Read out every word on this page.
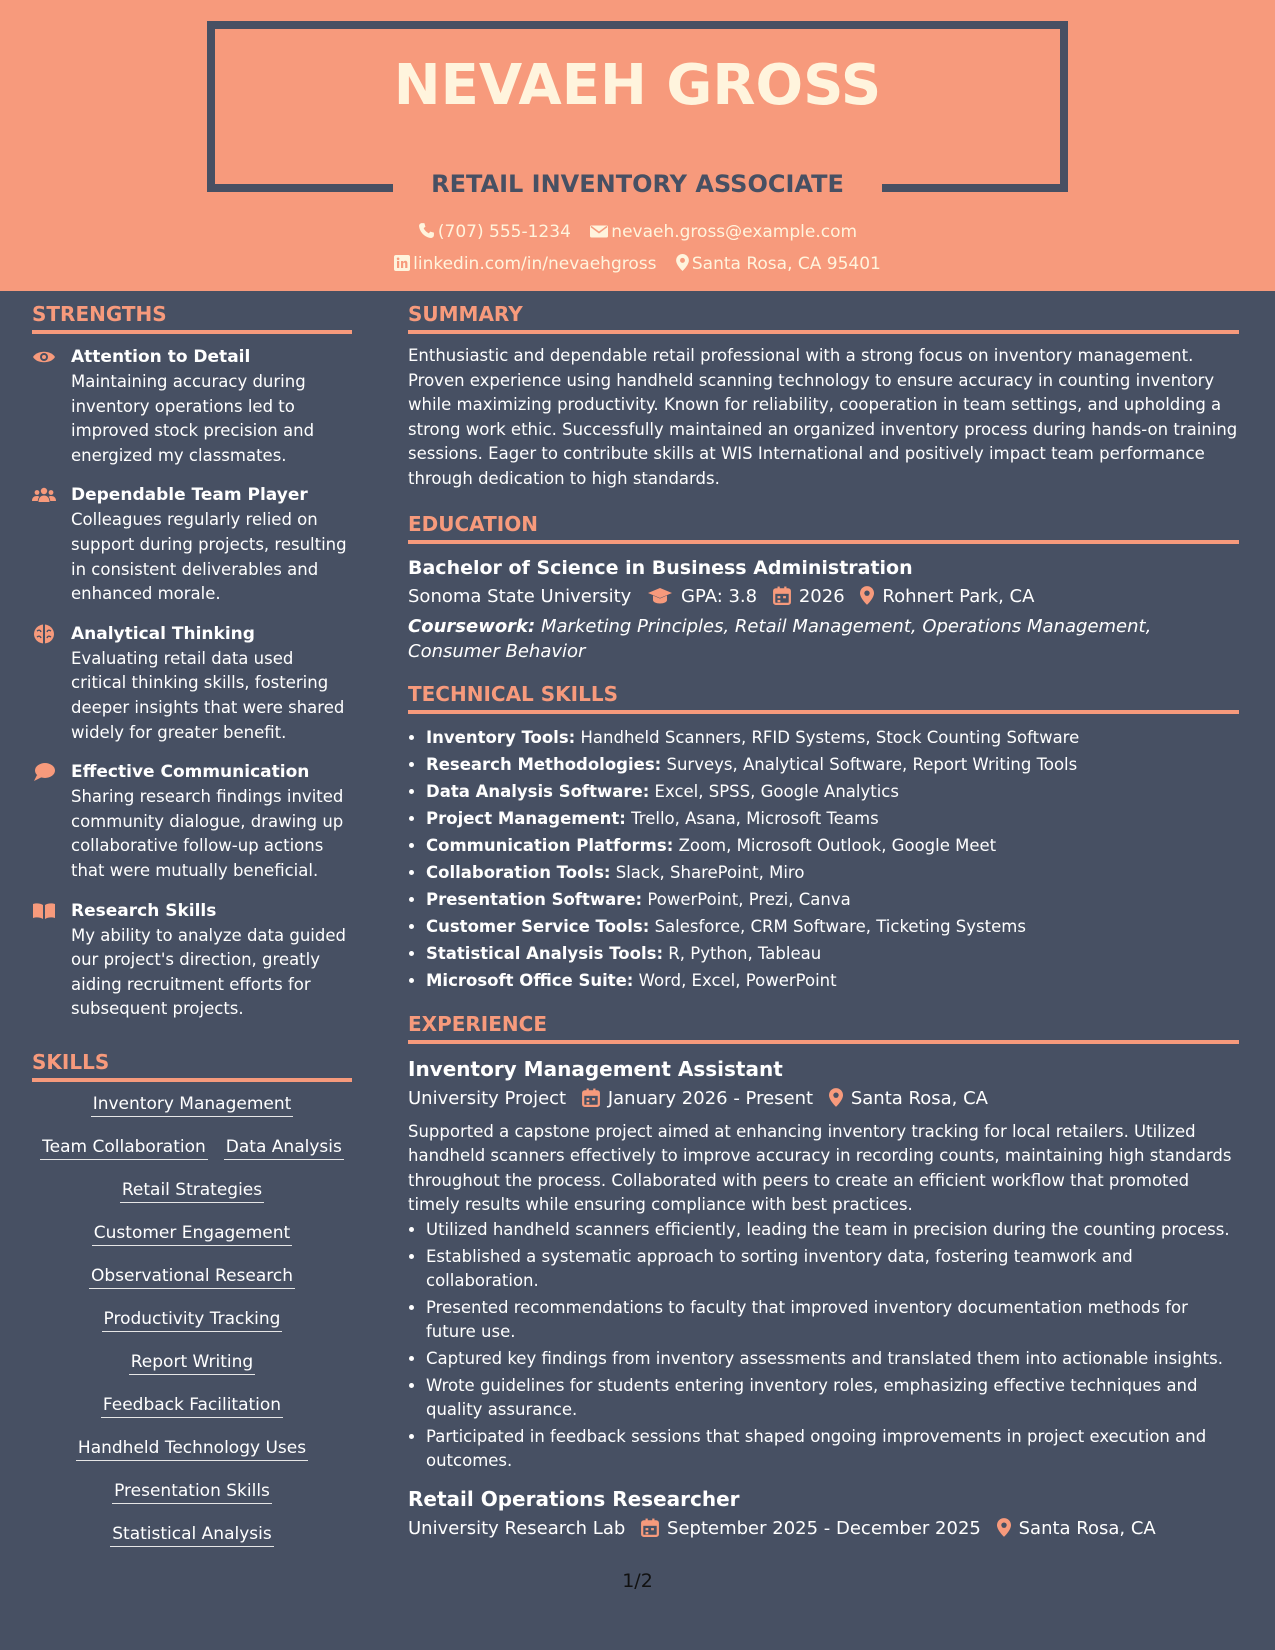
NEVAEH GROSS
RETAIL INVENTORY ASSOCIATE
(707) 555-1234 nevaeh.gross@example.com
linkedin.com/in/nevaehgross Santa Rosa, CA 95401
STRENGTHS
Attention to Detail
Maintaining accuracy during inventory operations led to improved stock precision and energized my classmates.
Dependable Team Player
Colleagues regularly relied on support during projects, resulting in consistent deliverables and enhanced morale.
Analytical Thinking
Evaluating retail data used critical thinking skills, fostering deeper insights that were shared widely for greater benefit.
Effective Communication
Sharing research findings invited community dialogue, drawing up collaborative follow-up actions that were mutually beneficial.
Research Skills
My ability to analyze data guided our project's direction, greatly aiding recruitment efforts for subsequent projects.
SKILLS
Inventory Management
Team Collaboration Data Analysis
Retail Strategies
Customer Engagement
Observational Research
Productivity Tracking
Report Writing
Feedback Facilitation
Handheld Technology Uses
Presentation Skills
Statistical Analysis
SUMMARY
Enthusiastic and dependable retail professional with a strong focus on inventory management. Proven experience using handheld scanning technology to ensure accuracy in counting inventory while maximizing productivity. Known for reliability, cooperation in team settings, and upholding a strong work ethic. Successfully maintained an organized inventory process during hands-on training sessions. Eager to contribute skills at WIS International and positively impact team performance through dedication to high standards.
EDUCATION
Bachelor of Science in Business Administration
Sonoma State University	GPA: 3.8 2026 Rohnert Park, CA
Coursework: Marketing Principles, Retail Management, Operations Management, Consumer Behavior
TECHNICAL SKILLS
• Inventory Tools: Handheld Scanners, RFID Systems, Stock Counting Software
• Research Methodologies: Surveys, Analytical Software, Report Writing Tools
• Data Analysis Software: Excel, SPSS, Google Analytics
• Project Management: Trello, Asana, Microsoft Teams
• Communication Platforms: Zoom, Microsoft Outlook, Google Meet
• Collaboration Tools: Slack, SharePoint, Miro
• Presentation Software: PowerPoint, Prezi, Canva
• Customer Service Tools: Salesforce, CRM Software, Ticketing Systems
• Statistical Analysis Tools: R, Python, Tableau
• Microsoft Office Suite: Word, Excel, PowerPoint
EXPERIENCE
Inventory Management Assistant
University Project January 2026 - Present Santa Rosa, CA
Supported a capstone project aimed at enhancing inventory tracking for local retailers. Utilized handheld scanners effectively to improve accuracy in recording counts, maintaining high standards throughout the process. Collaborated with peers to create an efficient workflow that promoted timely results while ensuring compliance with best practices.
• Utilized handheld scanners efficiently, leading the team in precision during the counting process.
• Established a systematic approach to sorting inventory data, fostering teamwork and collaboration.
• Presented recommendations to faculty that improved inventory documentation methods for future use.
• Captured key findings from inventory assessments and translated them into actionable insights.
• Wrote guidelines for students entering inventory roles, emphasizing effective techniques and quality assurance.
• Participated in feedback sessions that shaped ongoing improvements in project execution and outcomes.
Retail Operations Researcher
University Research Lab September 2025 - December 2025 Santa Rosa, CA
1/2
